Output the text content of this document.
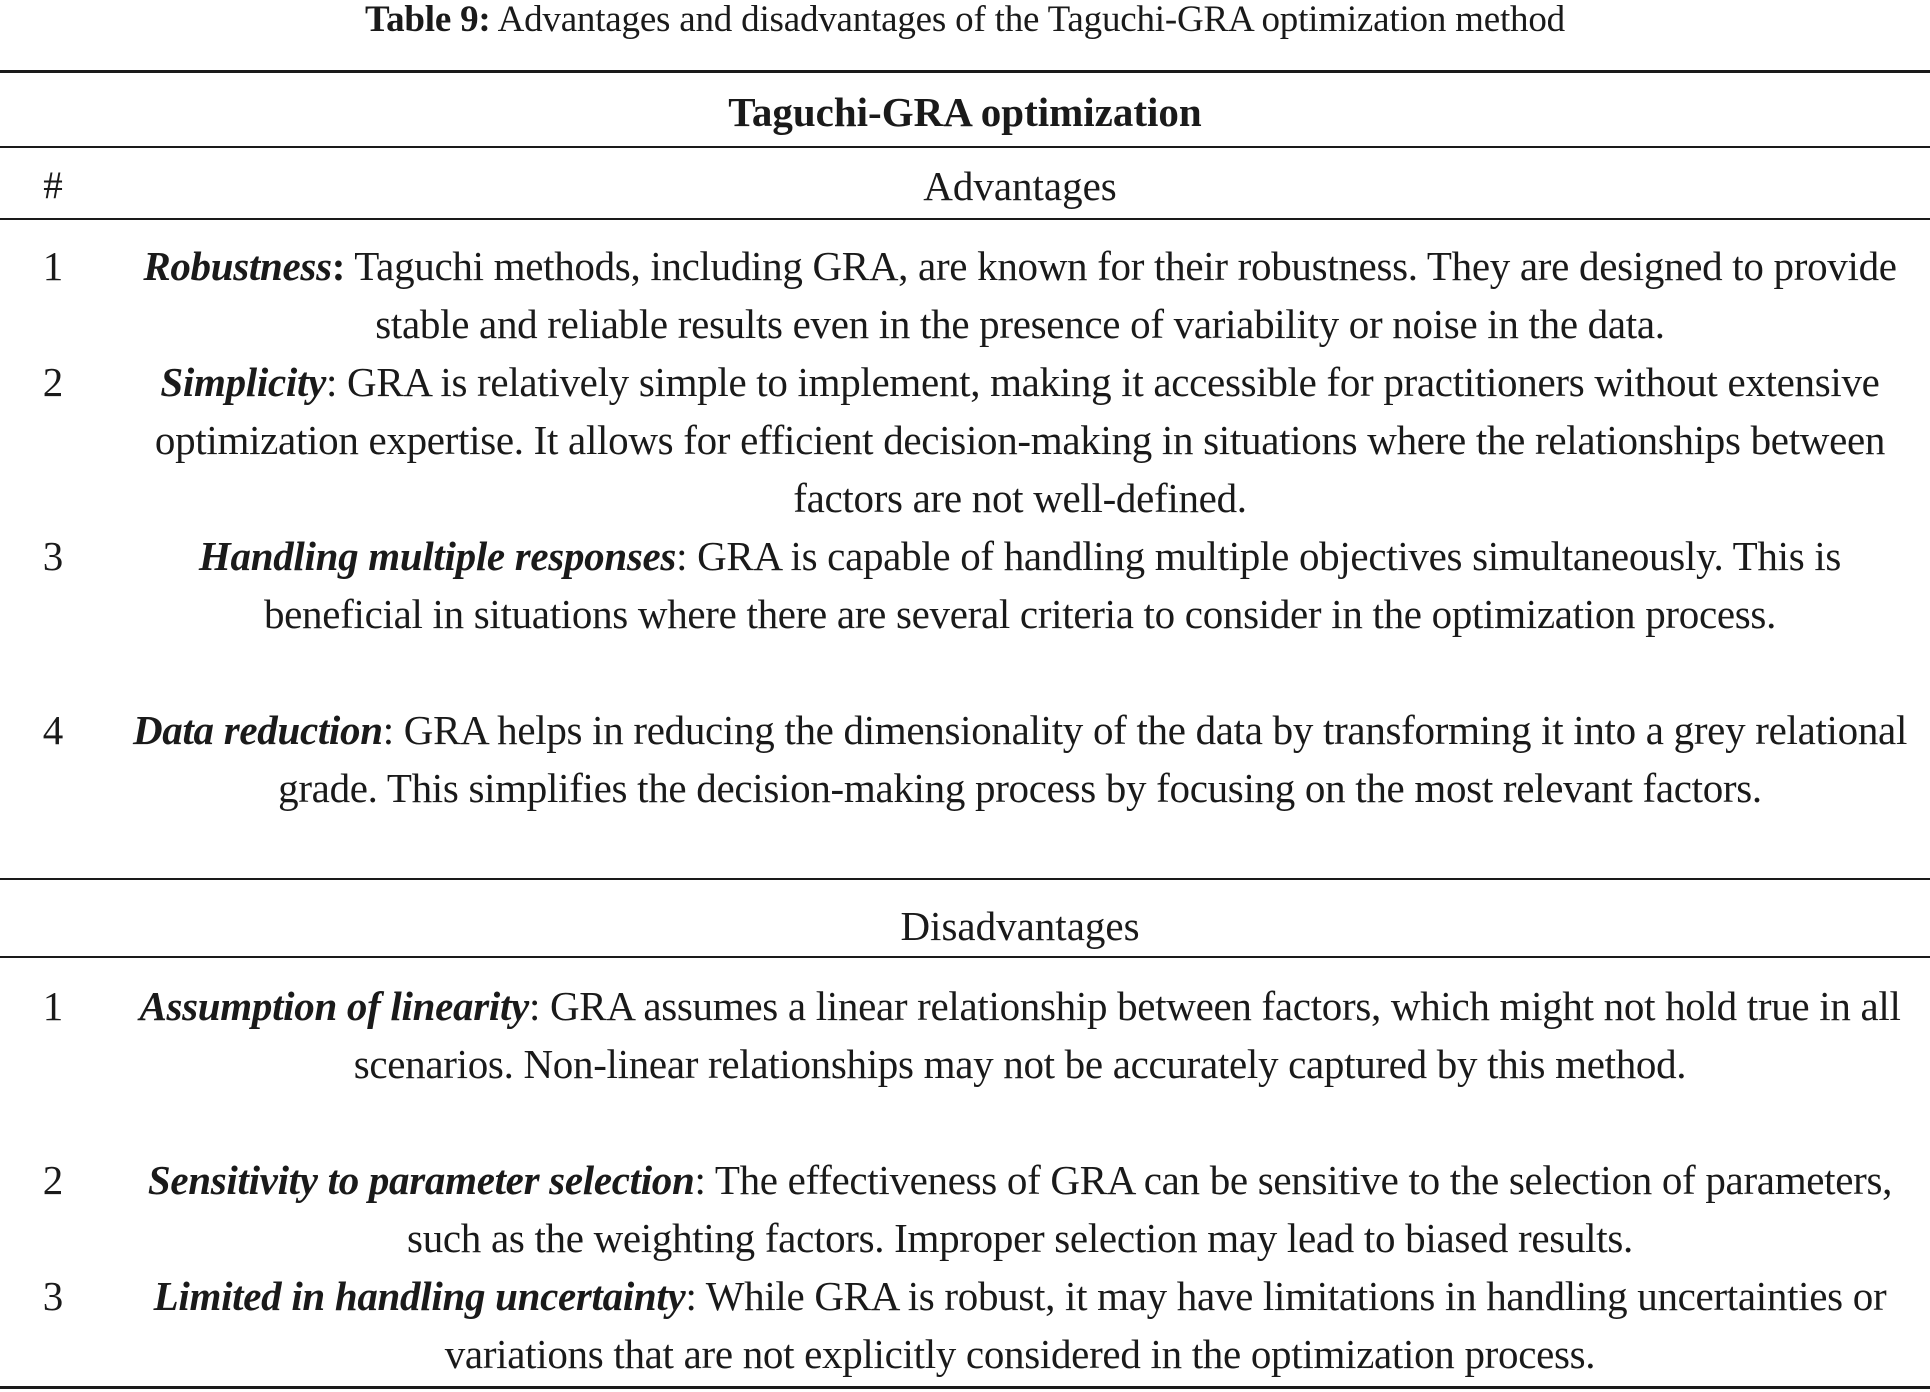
Table 9: Advantages and disadvantages of the Taguchi-GRA optimization method
Taguchi-GRA optimization
#	Advantages
1	Robustness: Taguchi methods, including GRA, are known for their robustness. They are designed to provide stable and reliable results even in the presence of variability or noise in the data.
2	Simplicity: GRA is relatively simple to implement, making it accessible for practitioners without extensive optimization expertise. It allows for efficient decision-making in situations where the relationships between factors are not well-defined.
3	Handling multiple responses: GRA is capable of handling multiple objectives simultaneously. This is beneficial in situations where there are several criteria to consider in the optimization process.
4	Data reduction: GRA helps in reducing the dimensionality of the data by transforming it into a grey relational grade. This simplifies the decision-making process by focusing on the most relevant factors.
Disadvantages
1	Assumption of linearity: GRA assumes a linear relationship between factors, which might not hold true in all scenarios. Non-linear relationships may not be accurately captured by this method.
2	Sensitivity to parameter selection: The effectiveness of GRA can be sensitive to the selection of parameters, such as the weighting factors. Improper selection may lead to biased results.
3	Limited in handling uncertainty: While GRA is robust, it may have limitations in handling uncertainties or variations that are not explicitly considered in the optimization process.
